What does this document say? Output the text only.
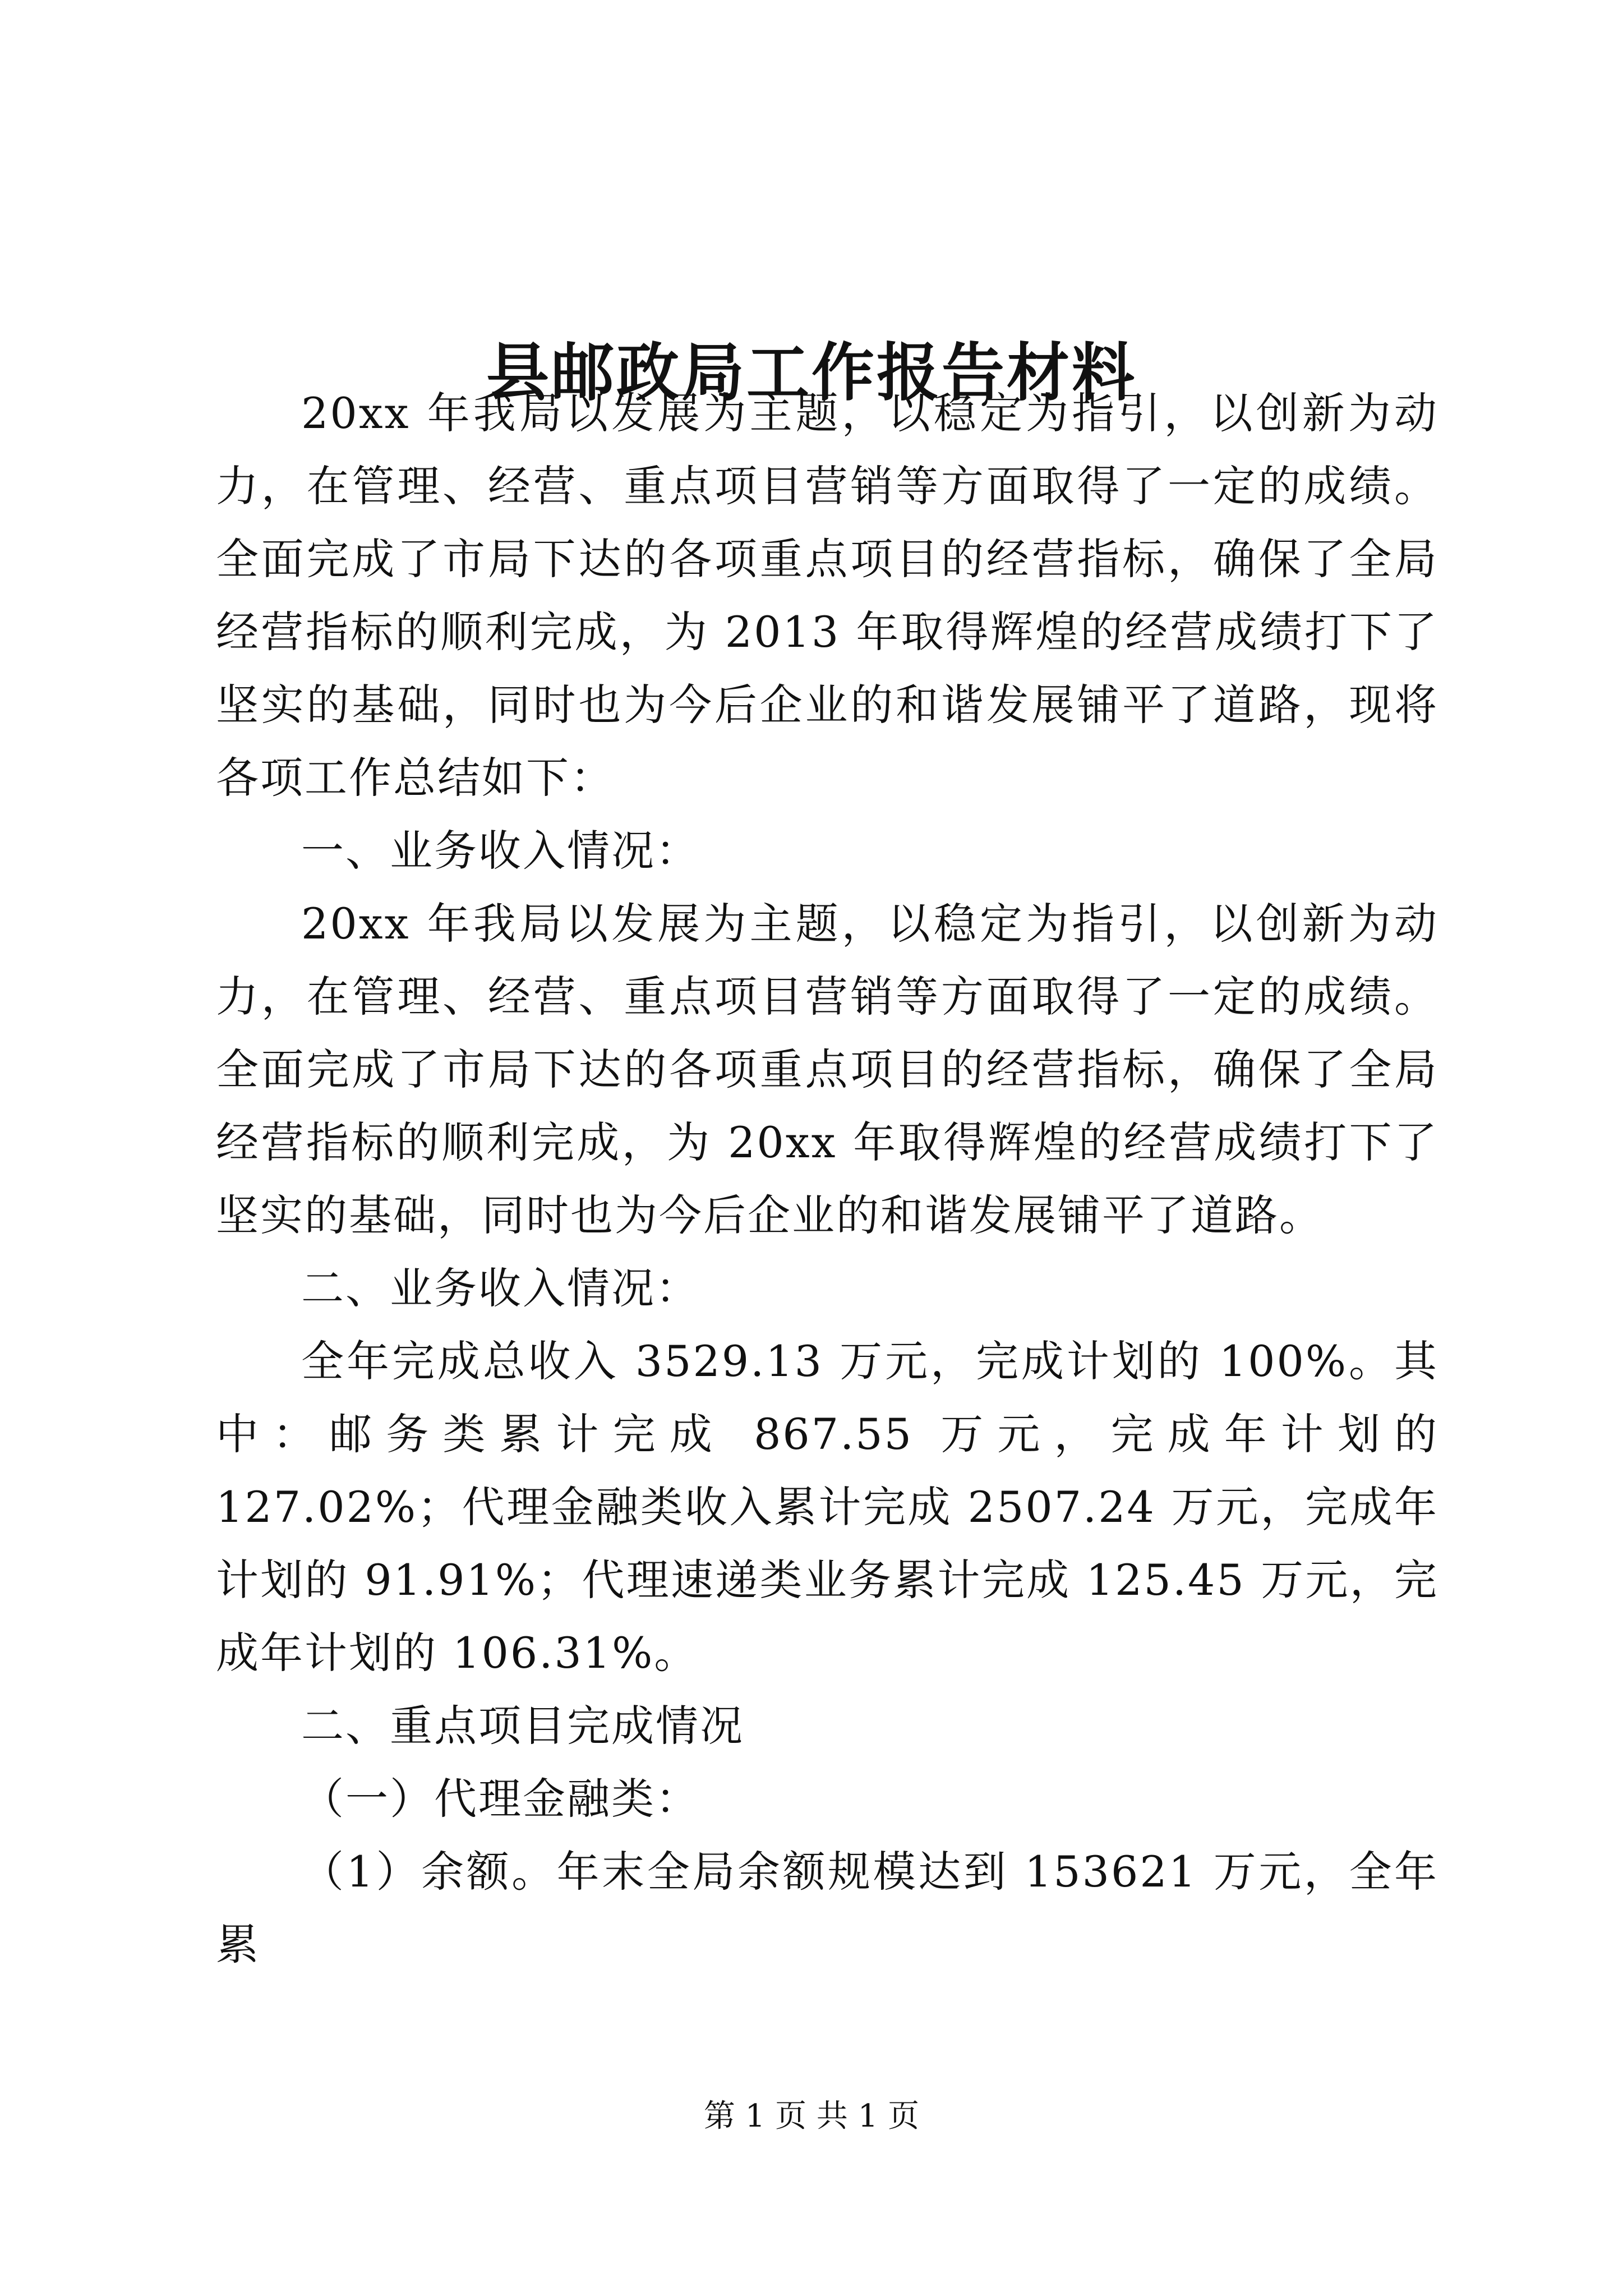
县邮政局工作报告材料

20xx 年我局以发展为主题，以稳定为指引，以创新为动力，在管理、经营、重点项目营销等方面取得了一定的成绩。全面完成了市局下达的各项重点项目的经营指标，确保了全局经营指标的顺利完成，为 2013 年取得辉煌的经营成绩打下了坚实的基础，同时也为今后企业的和谐发展铺平了道路，现将各项工作总结如下：

一、业务收入情况：

20xx 年我局以发展为主题，以稳定为指引，以创新为动力，在管理、经营、重点项目营销等方面取得了一定的成绩。全面完成了市局下达的各项重点项目的经营指标，确保了全局经营指标的顺利完成，为 20xx 年取得辉煌的经营成绩打下了坚实的基础，同时也为今后企业的和谐发展铺平了道路。

二、业务收入情况：

全年完成总收入 3529.13 万元，完成计划的 100%。其中：邮务类累计完成 867.55 万元，完成年计划的 127.02%；代理金融类收入累计完成 2507.24 万元，完成年计划的 91.91%；代理速递类业务累计完成 125.45 万元，完成年计划的 106.31%。

二、重点项目完成情况

（一）代理金融类：

（1）余额。年末全局余额规模达到 153621 万元，全年累

第 1 页 共 1 页
